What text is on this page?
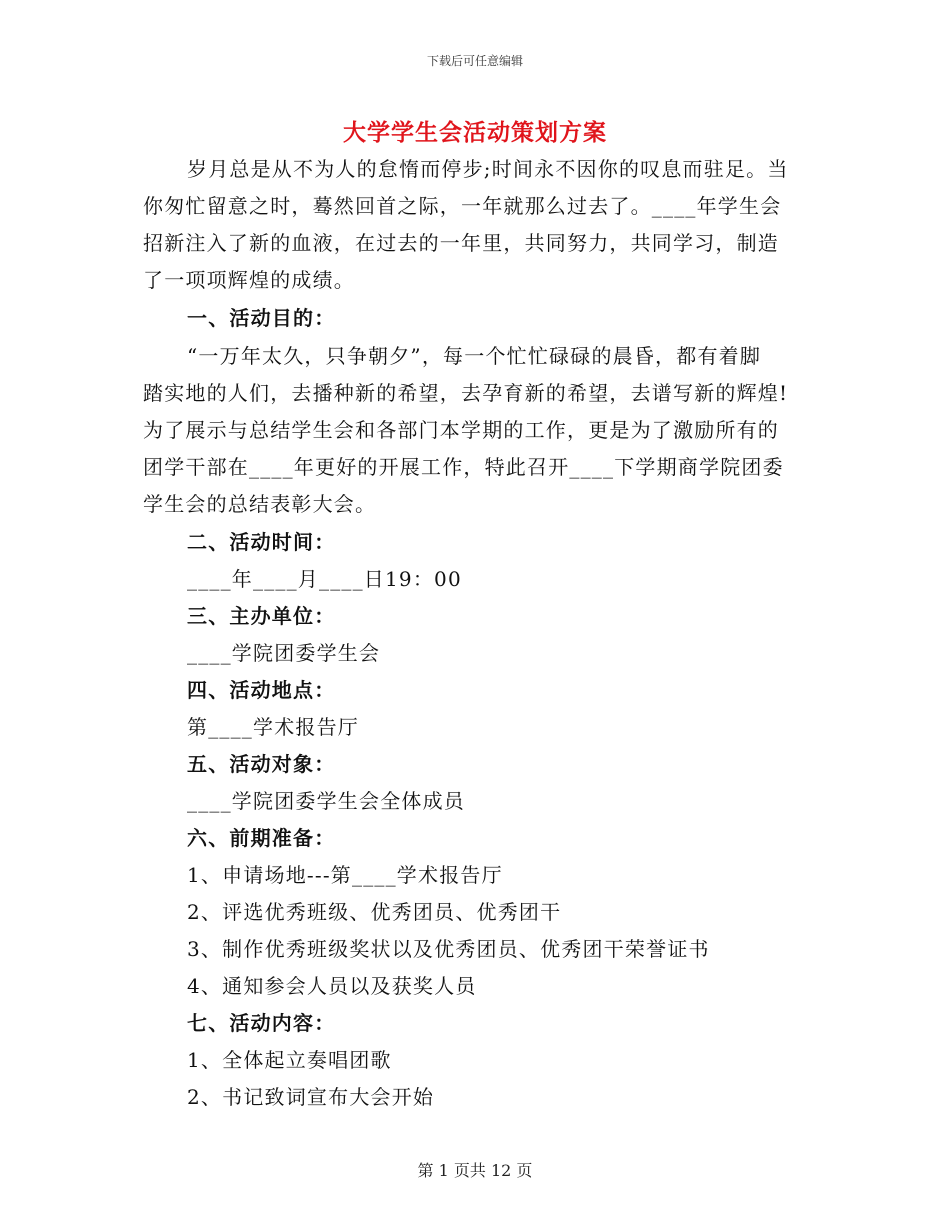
下载后可任意编辑
大学学生会活动策划方案
岁月总是从不为人的怠惰而停步;时间永不因你的叹息而驻足。当
你匆忙留意之时，蓦然回首之际，一年就那么过去了。____年学生会
招新注入了新的血液，在过去的一年里，共同努力，共同学习，制造
了一项项辉煌的成绩。
一、活动目的：
“一万年太久，只争朝夕”，每一个忙忙碌碌的晨昏，都有着脚
踏实地的人们，去播种新的希望，去孕育新的希望，去谱写新的辉煌!
为了展示与总结学生会和各部门本学期的工作，更是为了激励所有的
团学干部在____年更好的开展工作，特此召开____下学期商学院团委
学生会的总结表彰大会。
二、活动时间：
____年____月____日19：00
三、主办单位：
____学院团委学生会
四、活动地点：
第____学术报告厅
五、活动对象：
____学院团委学生会全体成员
六、前期准备：
1、申请场地---第____学术报告厅
2、评选优秀班级、优秀团员、优秀团干
3、制作优秀班级奖状以及优秀团员、优秀团干荣誉证书
4、通知参会人员以及获奖人员
七、活动内容：
1、全体起立奏唱团歌
2、书记致词宣布大会开始
第 1 页共 12 页
